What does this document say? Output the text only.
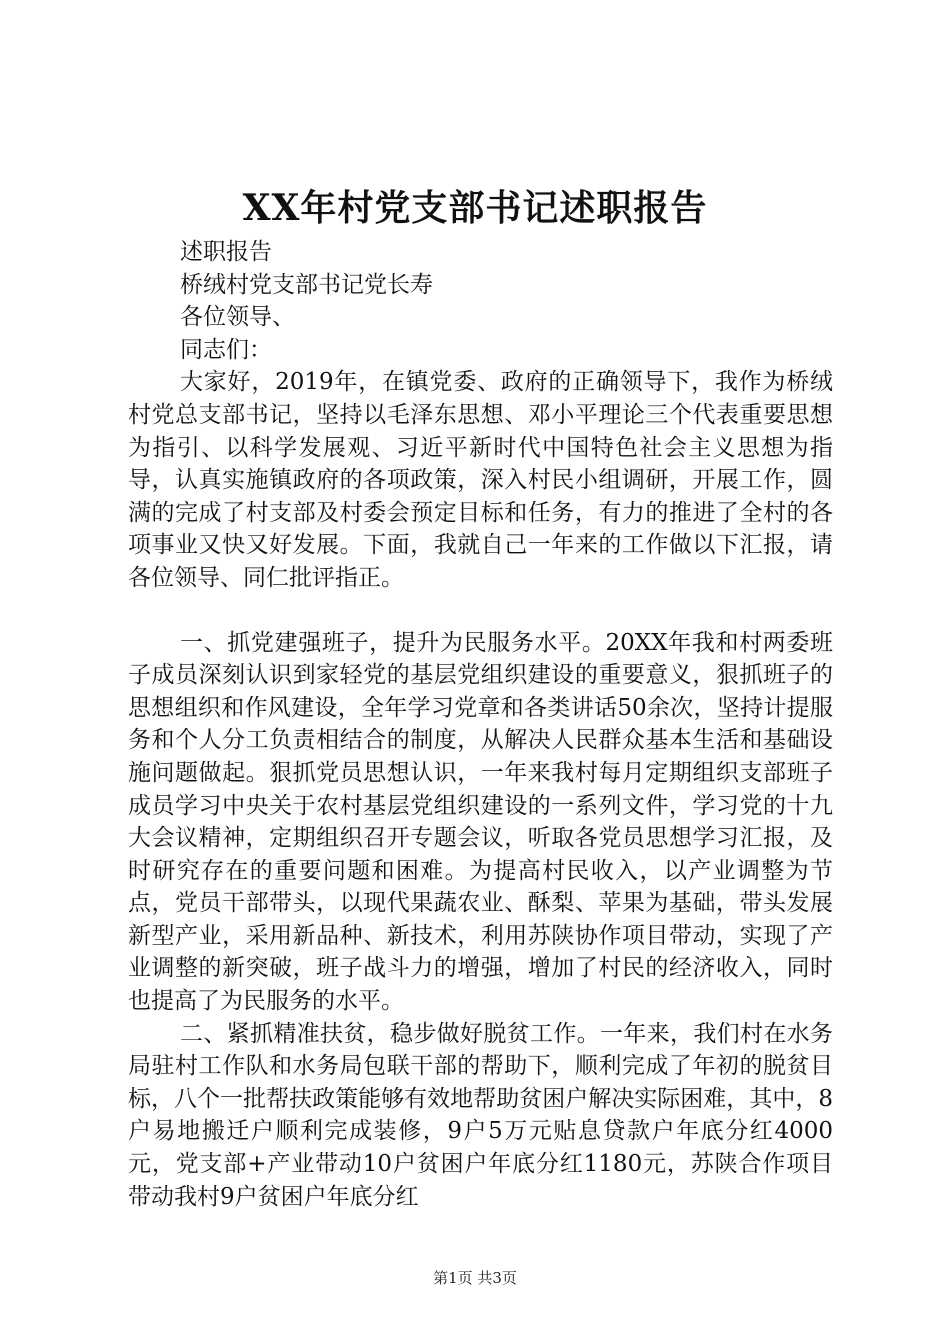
XX年村党支部书记述职报告

述职报告

桥绒村党支部书记党长寿

各位领导、

同志们：

大家好，2019年，在镇党委、政府的正确领导下，我作为桥绒村党总支部书记，坚持以毛泽东思想、邓小平理论三个代表重要思想为指引、以科学发展观、习近平新时代中国特色社会主义思想为指导，认真实施镇政府的各项政策，深入村民小组调研，开展工作，圆满的完成了村支部及村委会预定目标和任务，有力的推进了全村的各项事业又快又好发展。下面，我就自己一年来的工作做以下汇报，请各位领导、同仁批评指正。

一、抓党建强班子，提升为民服务水平。20XX年我和村两委班子成员深刻认识到家轻党的基层党组织建设的重要意义，狠抓班子的思想组织和作风建设，全年学习党章和各类讲话50余次，坚持计提服务和个人分工负责相结合的制度，从解决人民群众基本生活和基础设施问题做起。狠抓党员思想认识，一年来我村每月定期组织支部班子成员学习中央关于农村基层党组织建设的一系列文件，学习党的十九大会议精神，定期组织召开专题会议，听取各党员思想学习汇报，及时研究存在的重要问题和困难。为提高村民收入，以产业调整为节点，党员干部带头，以现代果蔬农业、酥梨、苹果为基础，带头发展新型产业，采用新品种、新技术，利用苏陕协作项目带动，实现了产业调整的新突破，班子战斗力的增强，增加了村民的经济收入，同时也提高了为民服务的水平。

二、紧抓精准扶贫，稳步做好脱贫工作。一年来，我们村在水务局驻村工作队和水务局包联干部的帮助下，顺利完成了年初的脱贫目标，八个一批帮扶政策能够有效地帮助贫困户解决实际困难，其中，8户易地搬迁户顺利完成装修，9户5万元贴息贷款户年底分红4000元，党支部+产业带动10户贫困户年底分红1180元，苏陕合作项目带动我村9户贫困户年底分红

第1页 共3页
